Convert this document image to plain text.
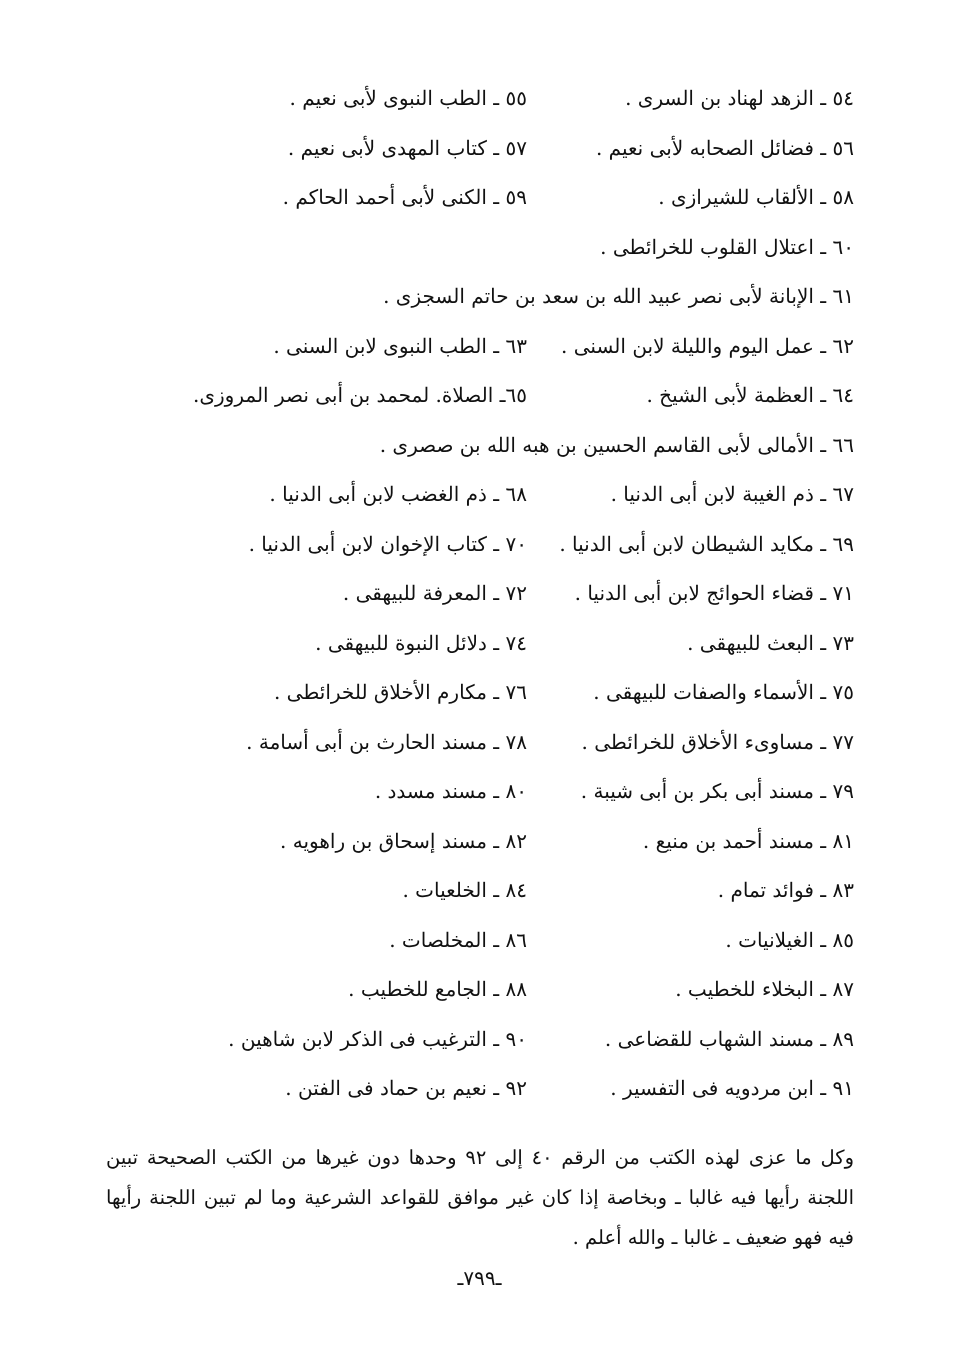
٥٤ ـ الزهد لهناد بن السرى .
٥٥ ـ الطب النبوى لأبى نعيم .
٥٦ ـ فضائل الصحابه لأبى نعيم .
٥٧ ـ كتاب المهدى لأبى نعيم .
٥٨ ـ الألقاب للشيرازى .
٥٩ ـ الكنى لأبى أحمد الحاكم .
٦٠ ـ اعتلال القلوب للخرائطى .
٦١ ـ الإبانة لأبى نصر عبيد الله بن سعد بن حاتم السجزى .
٦٢ ـ عمل اليوم والليلة لابن السنى .
٦٣ ـ الطب النبوى لابن السنى .
٦٤ ـ العظمة لأبى الشيخ .
٦٥ـ الصلاة. لمحمد بن أبى نصر المروزى.
٦٦ ـ الأمالى لأبى القاسم الحسين بن هبه الله بن صصرى .
٦٧ ـ ذم الغيبة لابن أبى الدنيا .
٦٨ ـ ذم الغضب لابن أبى الدنيا .
٦٩ ـ مكايد الشيطان لابن أبى الدنيا .
٧٠ ـ كتاب الإخوان لابن أبى الدنيا .
٧١ ـ قضاء الحوائج لابن أبى الدنيا .
٧٢ ـ المعرفة للبيهقى .
٧٣ ـ البعث للبيهقى .
٧٤ ـ دلائل النبوة للبيهقى .
٧٥ ـ الأسماء والصفات للبيهقى .
٧٦ ـ مكارم الأخلاق للخرائطى .
٧٧ ـ مساوىء الأخلاق للخرائطى .
٧٨ ـ مسند الحارث بن أبى أسامة .
٧٩ ـ مسند أبى بكر بن أبى شيبة .
٨٠ ـ مسند مسدد .
٨١ ـ مسند أحمد بن منيع .
٨٢ ـ مسند إسحاق بن راهويه .
٨٣ ـ فوائد تمام .
٨٤ ـ الخلعيات .
٨٥ ـ الغيلانيات .
٨٦ ـ المخلصات .
٨٧ ـ البخلاء للخطيب .
٨٨ ـ الجامع للخطيب .
٨٩ ـ مسند الشهاب للقضاعى .
٩٠ ـ الترغيب فى الذكر لابن شاهين .
٩١ ـ ابن مردويه فى التفسير .
٩٢ ـ نعيم بن حماد فى الفتن .

وكل ما عزى لهذه الكتب من الرقم ٤٠ إلى ٩٢ وحدها دون غيرها من الكتب الصحيحة تبين اللجنة رأيها فيه غالبا ـ وبخاصة إذا كان غير موافق للقواعد الشرعية وما لم تبين اللجنة رأيها فيه فهو ضعيف ـ غالبا ـ والله أعلم .

ـ٧٩٩ـ
